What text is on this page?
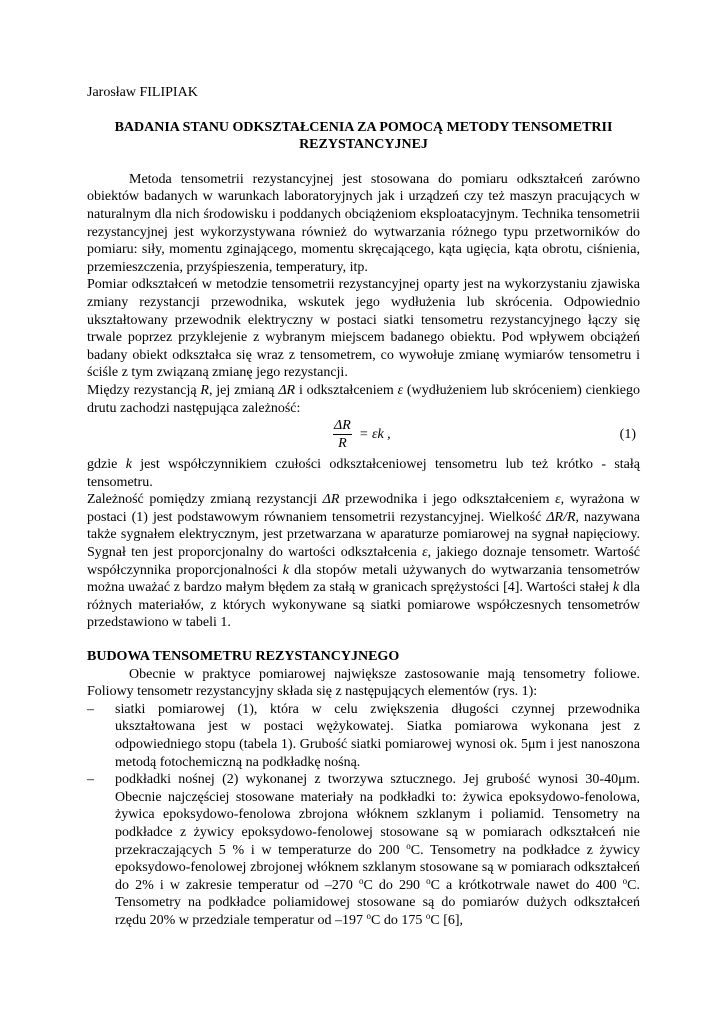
Jarosław FILIPIAK
BADANIA STANU ODKSZTAŁCENIA ZA POMOCĄ METODY TENSOMETRII
REZYSTANCYJNEJ

Metoda tensometrii rezystancyjnej jest stosowana do pomiaru odkształceń zarówno obiektów badanych w warunkach laboratoryjnych jak i urządzeń czy też maszyn pracujących w naturalnym dla nich środowisku i poddanych obciążeniom eksploatacyjnym. Technika tensometrii rezystancyjnej jest wykorzystywana również do wytwarzania różnego typu przetworników do pomiaru: siły, momentu zginającego, momentu skręcającego, kąta ugięcia, kąta obrotu, ciśnienia, przemieszczenia, przyśpieszenia, temperatury, itp.

Pomiar odkształceń w metodzie tensometrii rezystancyjnej oparty jest na wykorzystaniu zjawiska zmiany rezystancji przewodnika, wskutek jego wydłużenia lub skrócenia. Odpowiednio ukształtowany przewodnik elektryczny w postaci siatki tensometru rezystancyjnego łączy się trwale poprzez przyklejenie z wybranym miejscem badanego obiektu. Pod wpływem obciążeń badany obiekt odkształca się wraz z tensometrem, co wywołuje zmianę wymiarów tensometru i ściśle z tym związaną zmianę jego rezystancji.

Między rezystancją R, jej zmianą ΔR i odkształceniem ε (wydłużeniem lub skróceniem) cienkiego drutu zachodzi następująca zależność:

$\frac{\Delta R}{R} = \varepsilon k$ ,	(1)

gdzie k jest współczynnikiem czułości odkształceniowej tensometru lub też krótko - stałą tensometru.

Zależność pomiędzy zmianą rezystancji ΔR przewodnika i jego odkształceniem ε, wyrażona w postaci (1) jest podstawowym równaniem tensometrii rezystancyjnej. Wielkość ΔR/R, nazywana także sygnałem elektrycznym, jest przetwarzana w aparaturze pomiarowej na sygnał napięciowy. Sygnał ten jest proporcjonalny do wartości odkształcenia ε, jakiego doznaje tensometr. Wartość współczynnika proporcjonalności k dla stopów metali używanych do wytwarzania tensometrów można uważać z bardzo małym błędem za stałą w granicach sprężystości [4]. Wartości stałej k dla różnych materiałów, z których wykonywane są siatki pomiarowe współczesnych tensometrów przedstawiono w tabeli 1.

BUDOWA TENSOMETRU REZYSTANCYJNEGO

Obecnie w praktyce pomiarowej największe zastosowanie mają tensometry foliowe. Foliowy tensometr rezystancyjny składa się z następujących elementów (rys. 1):

– siatki pomiarowej (1), która w celu zwiększenia długości czynnej przewodnika ukształtowana jest w postaci wężykowatej. Siatka pomiarowa wykonana jest z odpowiedniego stopu (tabela 1). Grubość siatki pomiarowej wynosi ok. 5μm i jest nanoszona metodą fotochemiczną na podkładkę nośną.
– podkładki nośnej (2) wykonanej z tworzywa sztucznego. Jej grubość wynosi 30-40μm. Obecnie najczęściej stosowane materiały na podkładki to: żywica epoksydowo-fenolowa, żywica epoksydowo-fenolowa zbrojona włóknem szklanym i poliamid. Tensometry na podkładce z żywicy epoksydowo-fenolowej stosowane są w pomiarach odkształceń nie przekraczających 5 % i w temperaturze do 200 $^o$C. Tensometry na podkładce z żywicy epoksydowo-fenolowej zbrojonej włóknem szklanym stosowane są w pomiarach odkształceń do 2% i w zakresie temperatur od –270 $^o$C do 290 $^o$C a krótkotrwale nawet do 400 $^o$C. Tensometry na podkładce poliamidowej stosowane są do pomiarów dużych odkształceń rzędu 20% w przedziale temperatur od –197 $^o$C do 175 $^o$C [6],
